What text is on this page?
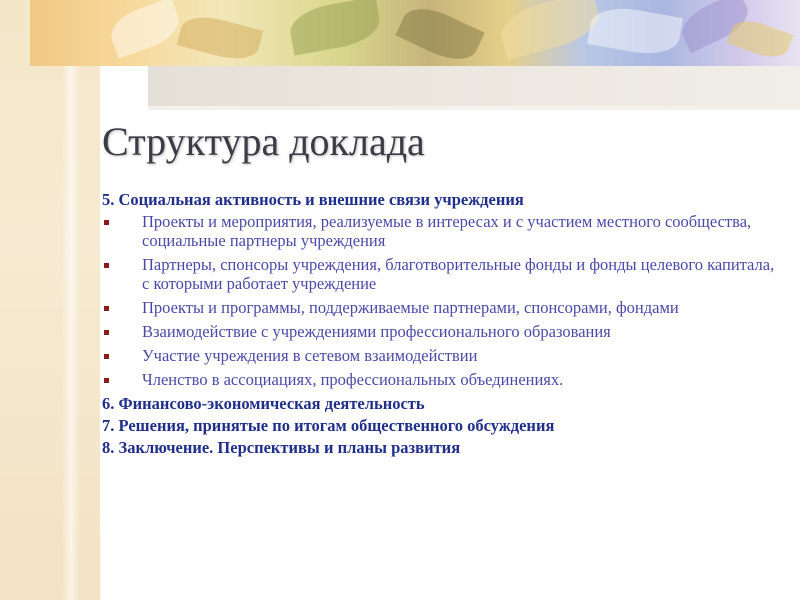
Структура доклада

5. Социальная активность и внешние связи учреждения

Проекты и мероприятия, реализуемые в интересах и с участием местного сообщества, социальные партнеры учреждения
Партнеры, спонсоры учреждения, благотворительные фонды и фонды целевого капитала, с которыми работает учреждение
Проекты и программы, поддерживаемые партнерами, спонсорами, фондами
Взаимодействие с учреждениями профессионального образования
Участие учреждения в сетевом взаимодействии
Членство в ассоциациях, профессиональных объединениях.

6. Финансово-экономическая деятельность

7. Решения, принятые по итогам общественного обсуждения

8. Заключение. Перспективы и планы развития
